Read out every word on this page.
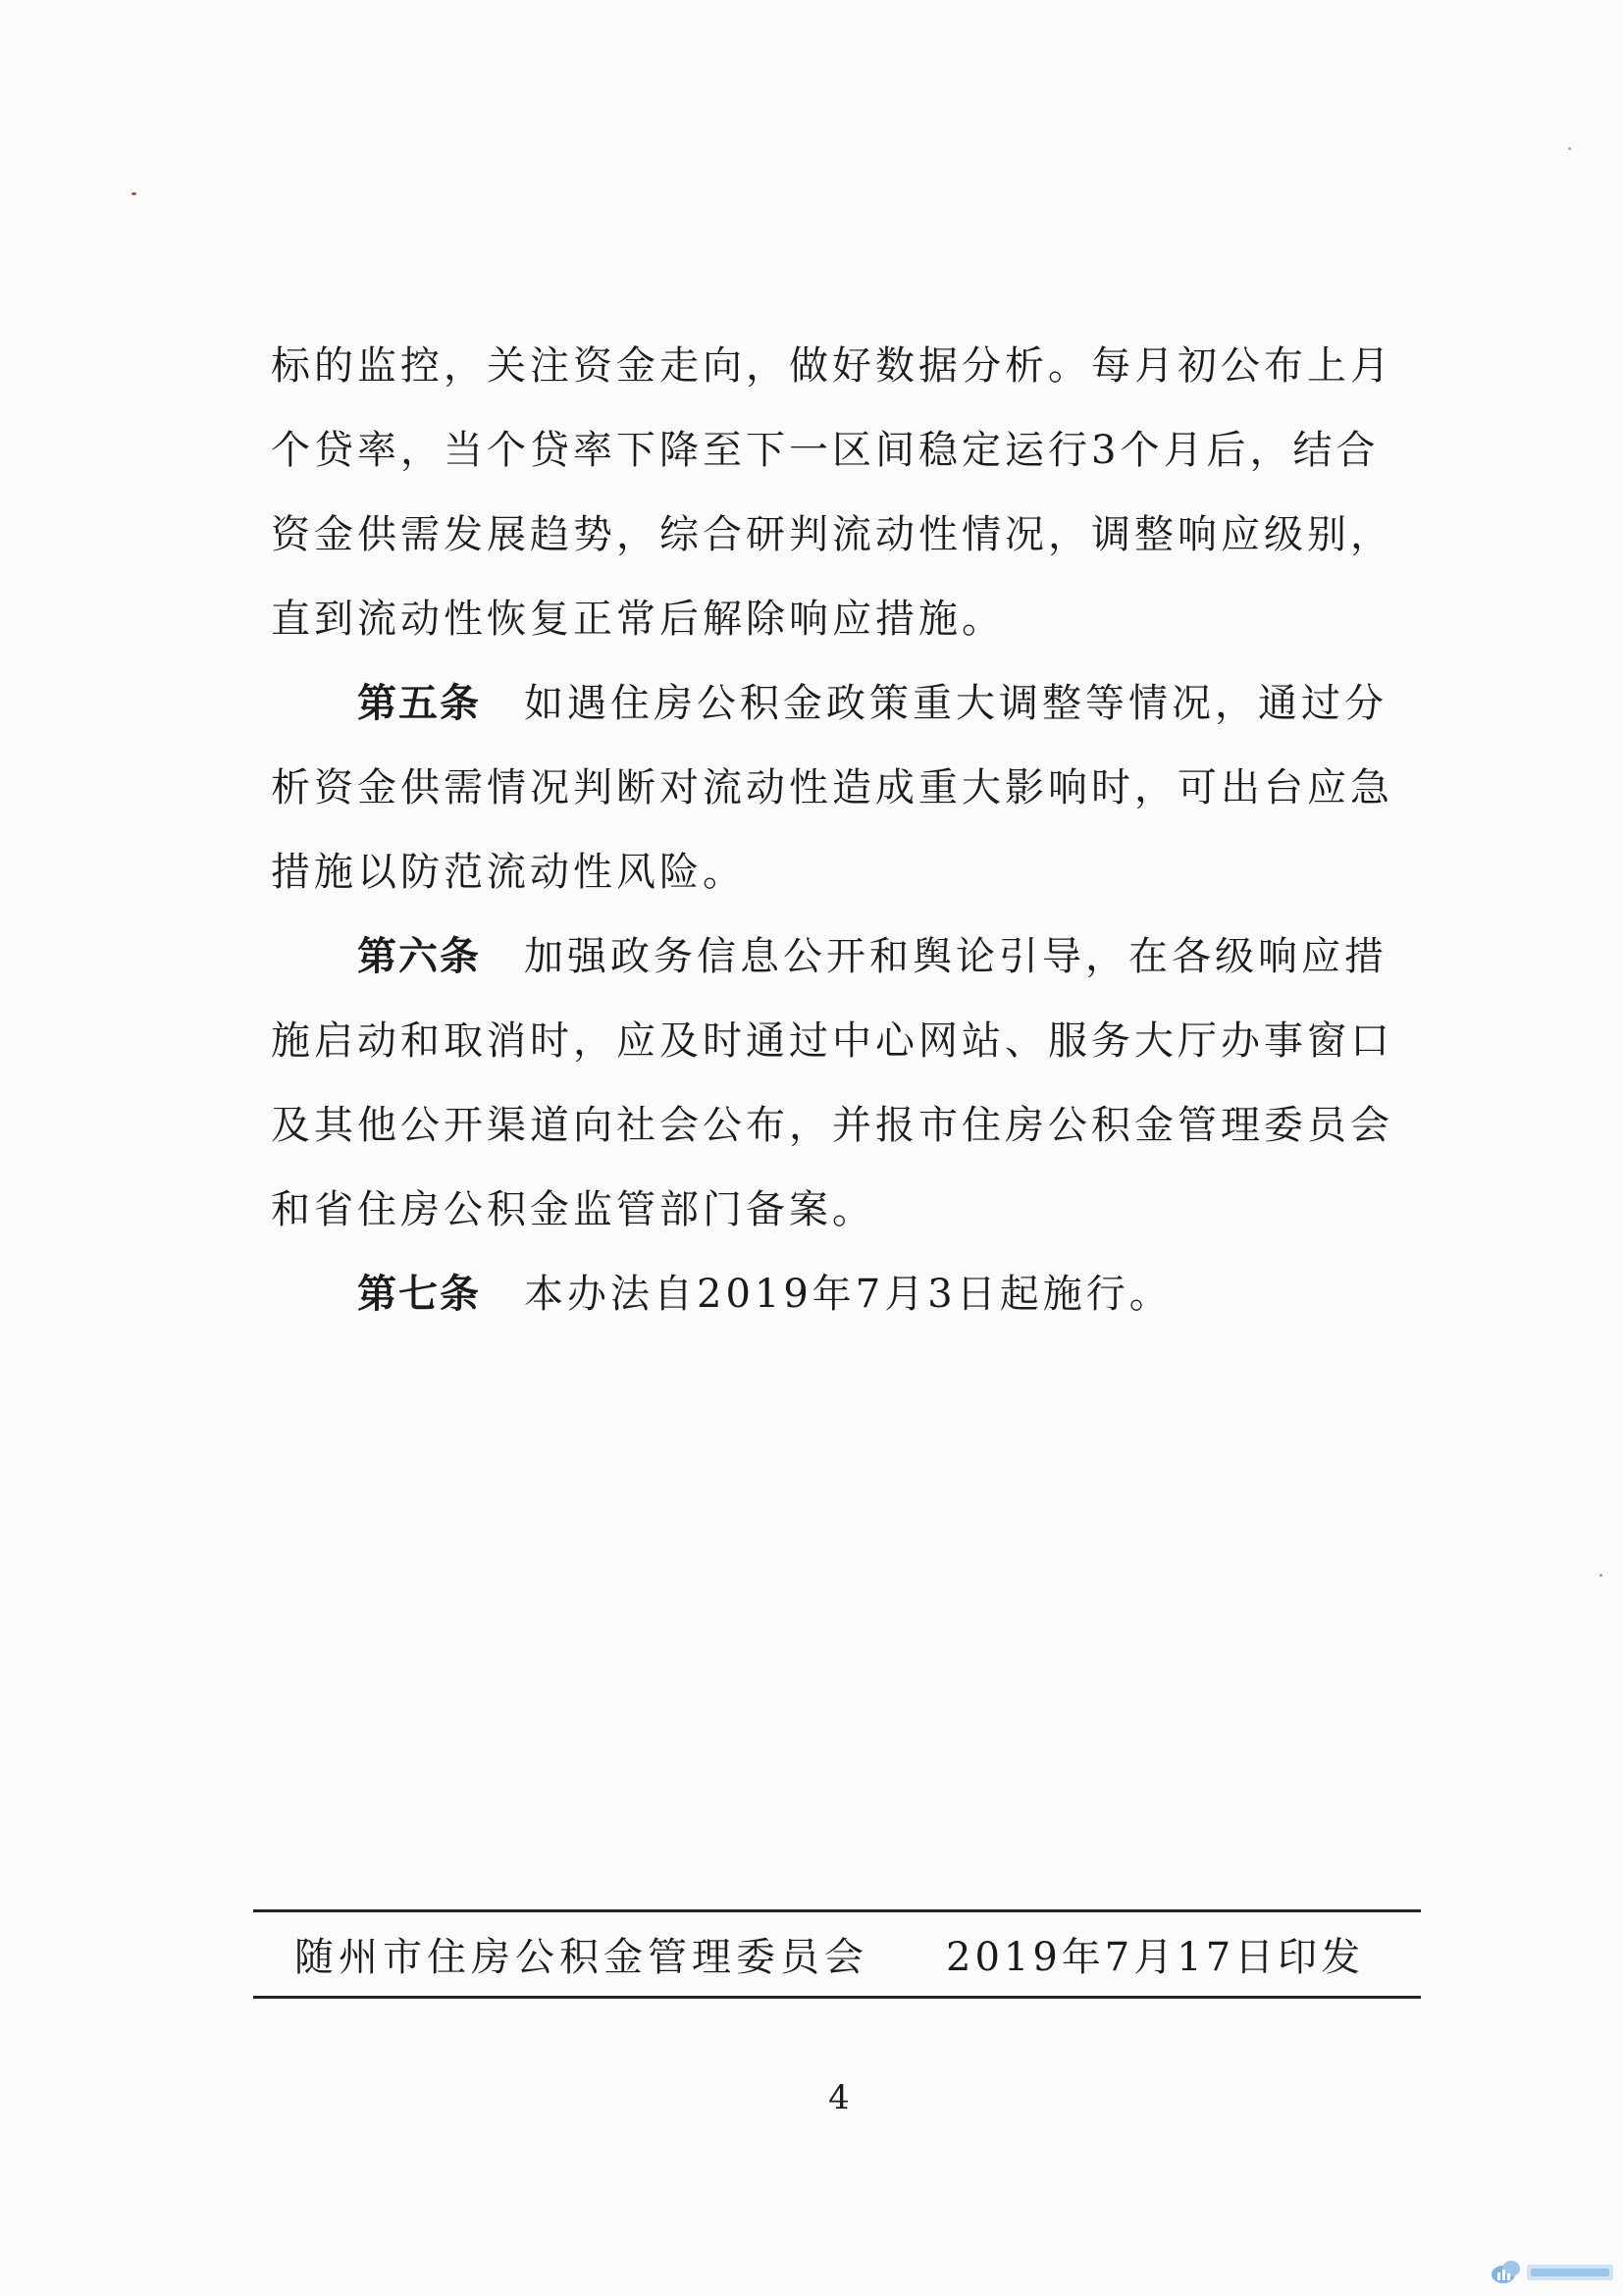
标的监控，关注资金走向，做好数据分析。每月初公布上月个贷率，当个贷率下降至下一区间稳定运行3个月后，结合资金供需发展趋势，综合研判流动性情况，调整响应级别，直到流动性恢复正常后解除响应措施。

第五条 如遇住房公积金政策重大调整等情况，通过分析资金供需情况判断对流动性造成重大影响时，可出台应急措施以防范流动性风险。

第六条 加强政务信息公开和舆论引导，在各级响应措施启动和取消时，应及时通过中心网站、服务大厅办事窗口及其他公开渠道向社会公布，并报市住房公积金管理委员会和省住房公积金监管部门备案。

第七条 本办法自2019年7月3日起施行。

随州市住房公积金管理委员会 2019年7月17日印发
4
